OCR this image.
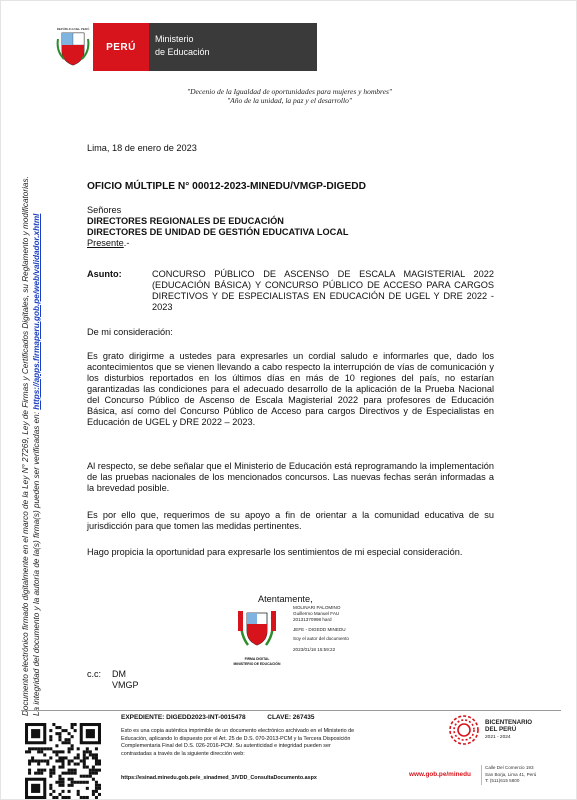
REPÚBLICA DEL PERÚ
PERÚ
Ministerio
de Educación
"Decenio de la Igualdad de oportunidades para mujeres y hombres"
"Año de la unidad, la paz y el desarrollo"
Documento electrónico firmado digitalmente en el marco de la Ley N° 27269, Ley de Firmas y Certificados Digitales, su Reglamento y modificatorias. La integridad del documento y la autoría de la(s) firma(s) pueden ser verificadas en: https://apps.firmaperu.gob.pe/web/validador.xhtml
Lima, 18 de enero de 2023
OFICIO MÚLTIPLE N° 00012-2023-MINEDU/VMGP-DIGEDD
Señores
DIRECTORES REGIONALES DE EDUCACIÓN
DIRECTORES DE UNIDAD DE GESTIÓN EDUCATIVA LOCAL
Presente.-
Asunto:	CONCURSO PÚBLICO DE ASCENSO DE ESCALA MAGISTERIAL 2022 (EDUCACIÓN BÁSICA) Y CONCURSO PÚBLICO DE ACCESO PARA CARGOS DIRECTIVOS Y DE ESPECIALISTAS EN EDUCACIÓN DE UGEL Y DRE 2022 - 2023
De mi consideración:
Es grato dirigirme a ustedes para expresarles un cordial saludo e informarles que, dado los acontecimientos que se vienen llevando a cabo respecto la interrupción de vías de comunicación y los disturbios reportados en los últimos días en más de 10 regiones del país, no estarían garantizadas las condiciones para el adecuado desarrollo de la aplicación de la Prueba Nacional del Concurso Público de Ascenso de Escala Magisterial 2022 para profesores de Educación Básica, así como del Concurso Público de Acceso para cargos Directivos y de Especialistas en Educación de UGEL y DRE 2022 – 2023.
Al respecto, se debe señalar que el Ministerio de Educación está reprogramando la implementación de las pruebas nacionales de los mencionados concursos. Las nuevas fechas serán informadas a la brevedad posible.
Es por ello que, requerimos de su apoyo a fin de orientar a la comunidad educativa de su jurisdicción para que tomen las medidas pertinentes.
Hago propicia la oportunidad para expresarle los sentimientos de mi especial consideración.
Atentamente,
FIRMA DIGITAL
MINISTERIO DE EDUCACIÓN
MOLINARI PALOMINO
Guillermo Manuel FAU
20131370998 hard
JEFE - DIGEDD MINEDU
Soy el autor del documento
2023/01/18 15:59:22
c.c:	DM
VMGP
EXPEDIENTE: DIGEDD2023-INT-0015478	CLAVE: 267435
Esto es una copia auténtica imprimible de un documento electrónico archivado en el Ministerio de Educación, aplicando lo dispuesto por el Art. 25 de D.S. 070-2013-PCM y la Tercera Disposición Complementaria Final del D.S. 026-2016-PCM. Su autenticidad e integridad pueden ser contrastadas a través de la siguiente dirección web:
https://esinad.minedu.gob.pe/e_sinadmed_3/VDD_ConsultaDocumento.aspx
BICENTENARIO
DEL PERÚ
2021 - 2024
www.gob.pe/minedu
Calle Del Comercio 193
San Borja, Lima 41, Perú
T: (511)615 5800
